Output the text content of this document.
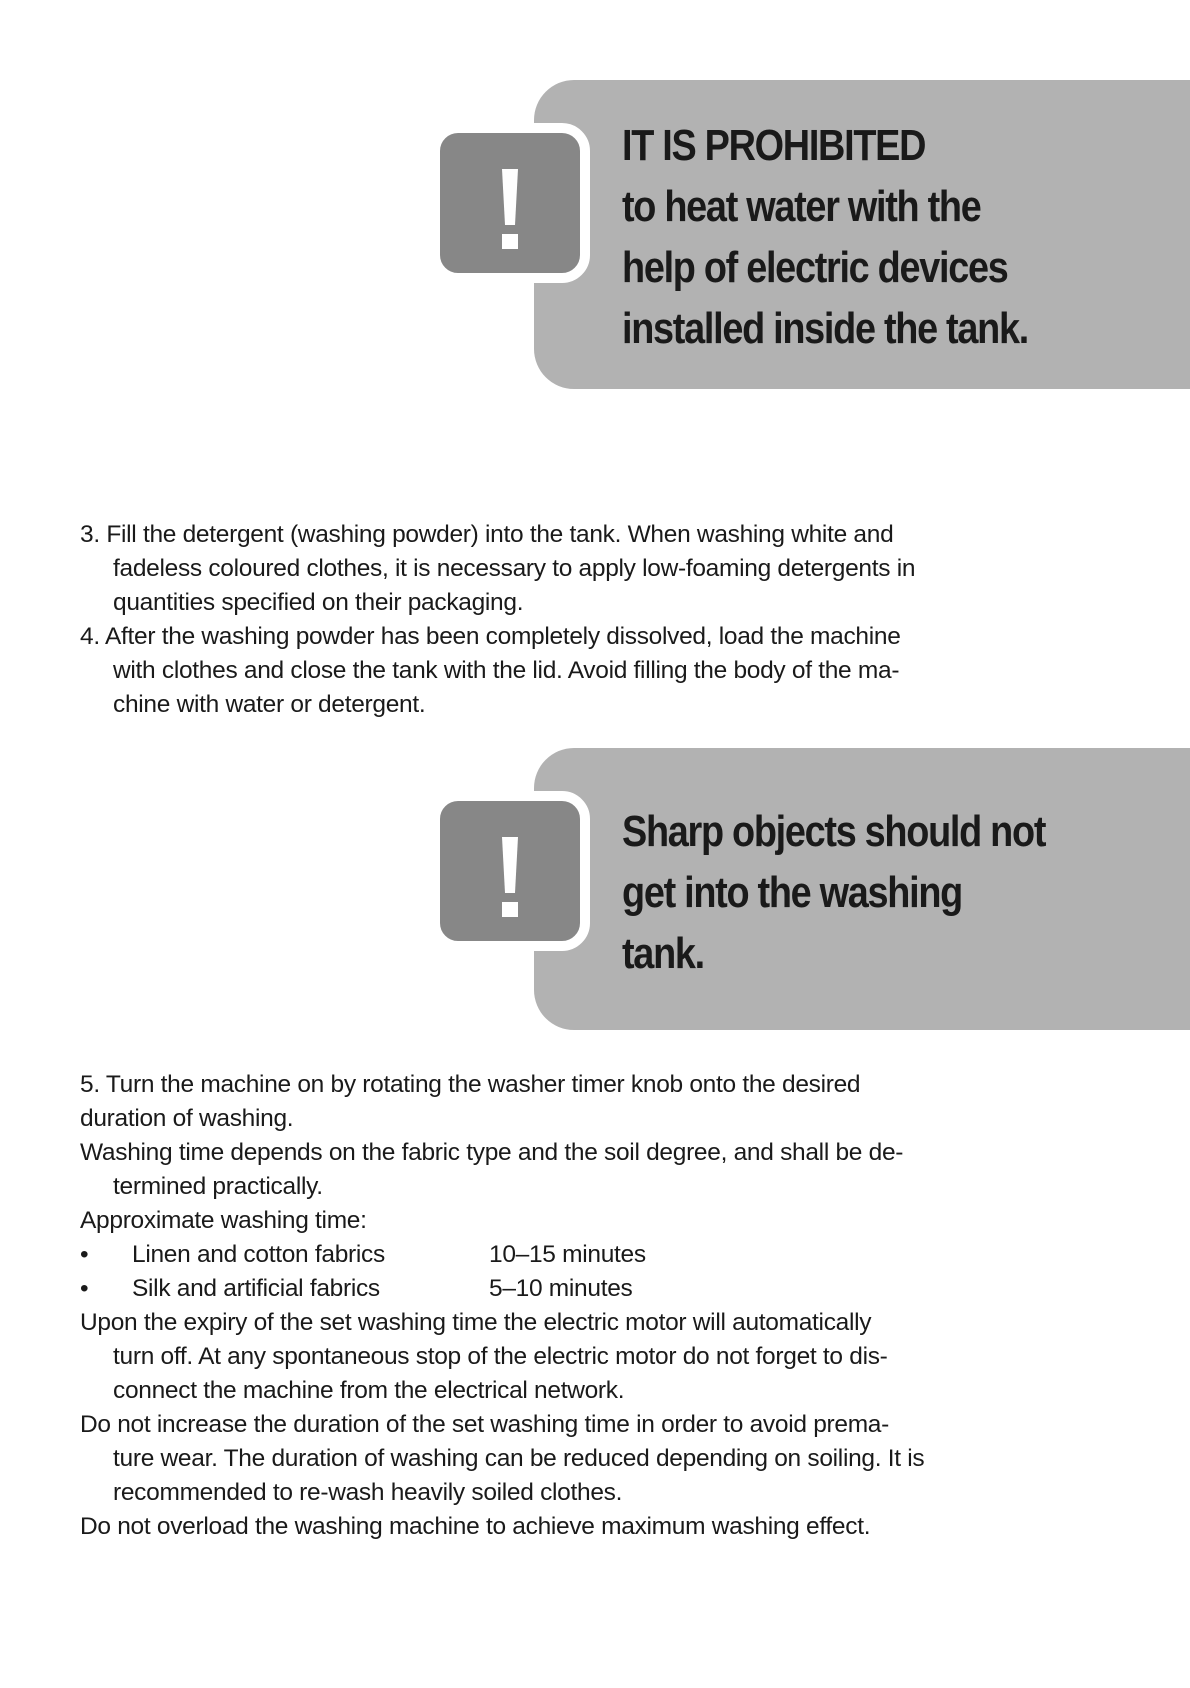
IT IS PROHIBITED
to heat water with the
help of electric devices
installed inside the tank.
3. Fill the detergent (washing powder) into the tank. When washing white and
fadeless coloured clothes, it is necessary to apply low-foaming detergents in
quantities specified on their packaging.
4. After the washing powder has been completely dissolved, load the machine
with clothes and close the tank with the lid. Avoid filling the body of the ma-
chine with water or detergent.
Sharp objects should not
get into the washing
tank.
5. Turn the machine on by rotating the washer timer knob onto the desired
duration of washing.
Washing time depends on the fabric type and the soil degree, and shall be de-
termined practically.
Approximate washing time:
• Linen and cotton fabrics	10–15 minutes
• Silk and artificial fabrics	5–10 minutes
Upon the expiry of the set washing time the electric motor will automatically
turn off. At any spontaneous stop of the electric motor do not forget to dis-
connect the machine from the electrical network.
Do not increase the duration of the set washing time in order to avoid prema-
ture wear. The duration of washing can be reduced depending on soiling. It is
recommended to re-wash heavily soiled clothes.
Do not overload the washing machine to achieve maximum washing effect.
